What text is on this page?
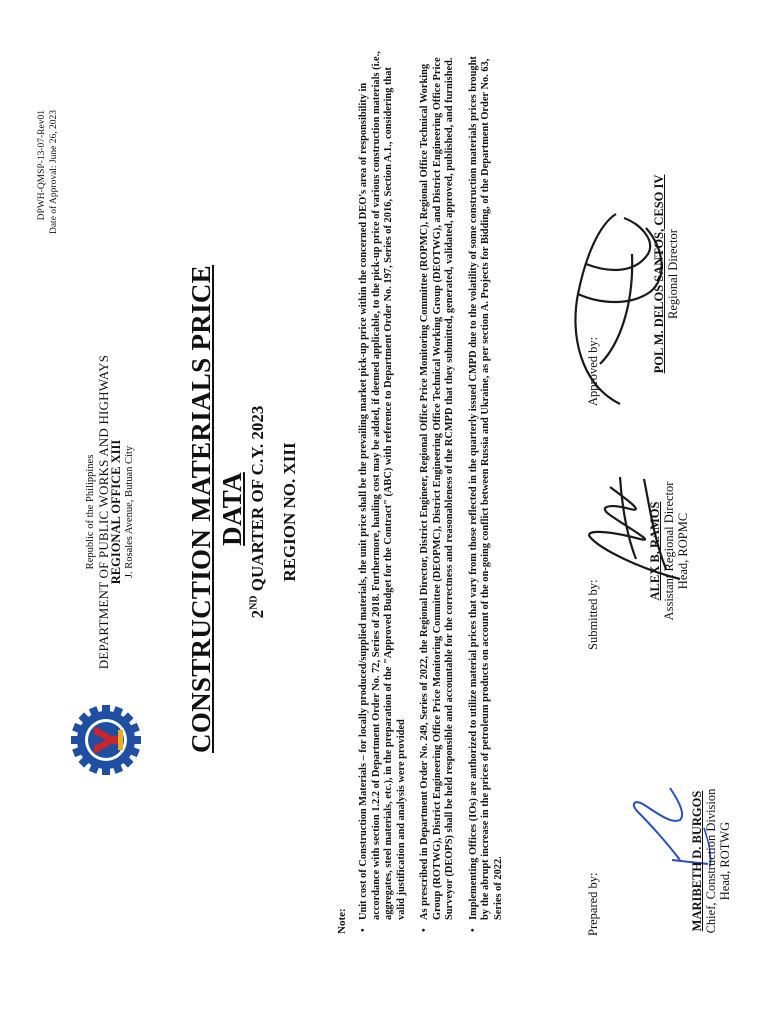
DPWH-QMSP-13-07-Rev01 Date of Approval: June 26, 2023
Republic of the Philippines DEPARTMENT OF PUBLIC WORKS AND HIGHWAYS
REGIONAL OFFICE XIII J. Rosales Avenue, Butuan City CONSTRUCTION MATERIALS PRICE DATA
2ND QUARTER OF C.Y. 2023 REGION NO. XIII
Note:
• Unit cost of Construction Materials – for locally produced/supplied materials, the unit price shall be the prevailing market pick-up price within the concerned DEO's area of responsibility in accordance with section 1.2.2 of Department Order No. 72, Series of 2018. Furthermore, hauling cost may be added, if deemed applicable, to the pick-up price of various construction materials (i.e., aggregates, steel materials, etc.), in the preparation of the "Approved Budget for the Contract" (ABC) with reference to Department Order No. 197, Series of 2016, Section A.1., considering that valid justification and analysis were provided • As prescribed in Department Order No. 249, Series of 2022, the Regional Director, District Engineer, Regional Office Price Monitoring Committee (ROPMC), Regional Office Technical Working Group (ROTWG), District Engineering Office Price Monitoring Committee (DEOPMC), District Engineering Office Technical Working Group (DEOTWG), and District Engineering Office Price Surveyor (DEOPS) shall be held responsible and accountable for the correctness and reasonableness of the RCMPD that they submitted, generated, validated, approved, published, and furnished. • Implementing Offices (IOs) are authorized to utilize material prices that vary from those reflected in the quarterly issued CMPD due to the volatility of some construction materials prices brought by the abrupt increase in the prices of petroleum products on account of the on-going conflict between Russia and Ukraine, as per section A. Projects for Bidding, of the Department Order No. 63, Series of 2022.	Prepared by:	MARIBETH D. BURGOS Chief, Construction Division Head, ROTWG
Submitted by:
ALEX B. RAMOS Assistant Regional Director Head, ROPMC
Approved by:	POL M. DELOS SANTOS, CESO IV Regional Director
